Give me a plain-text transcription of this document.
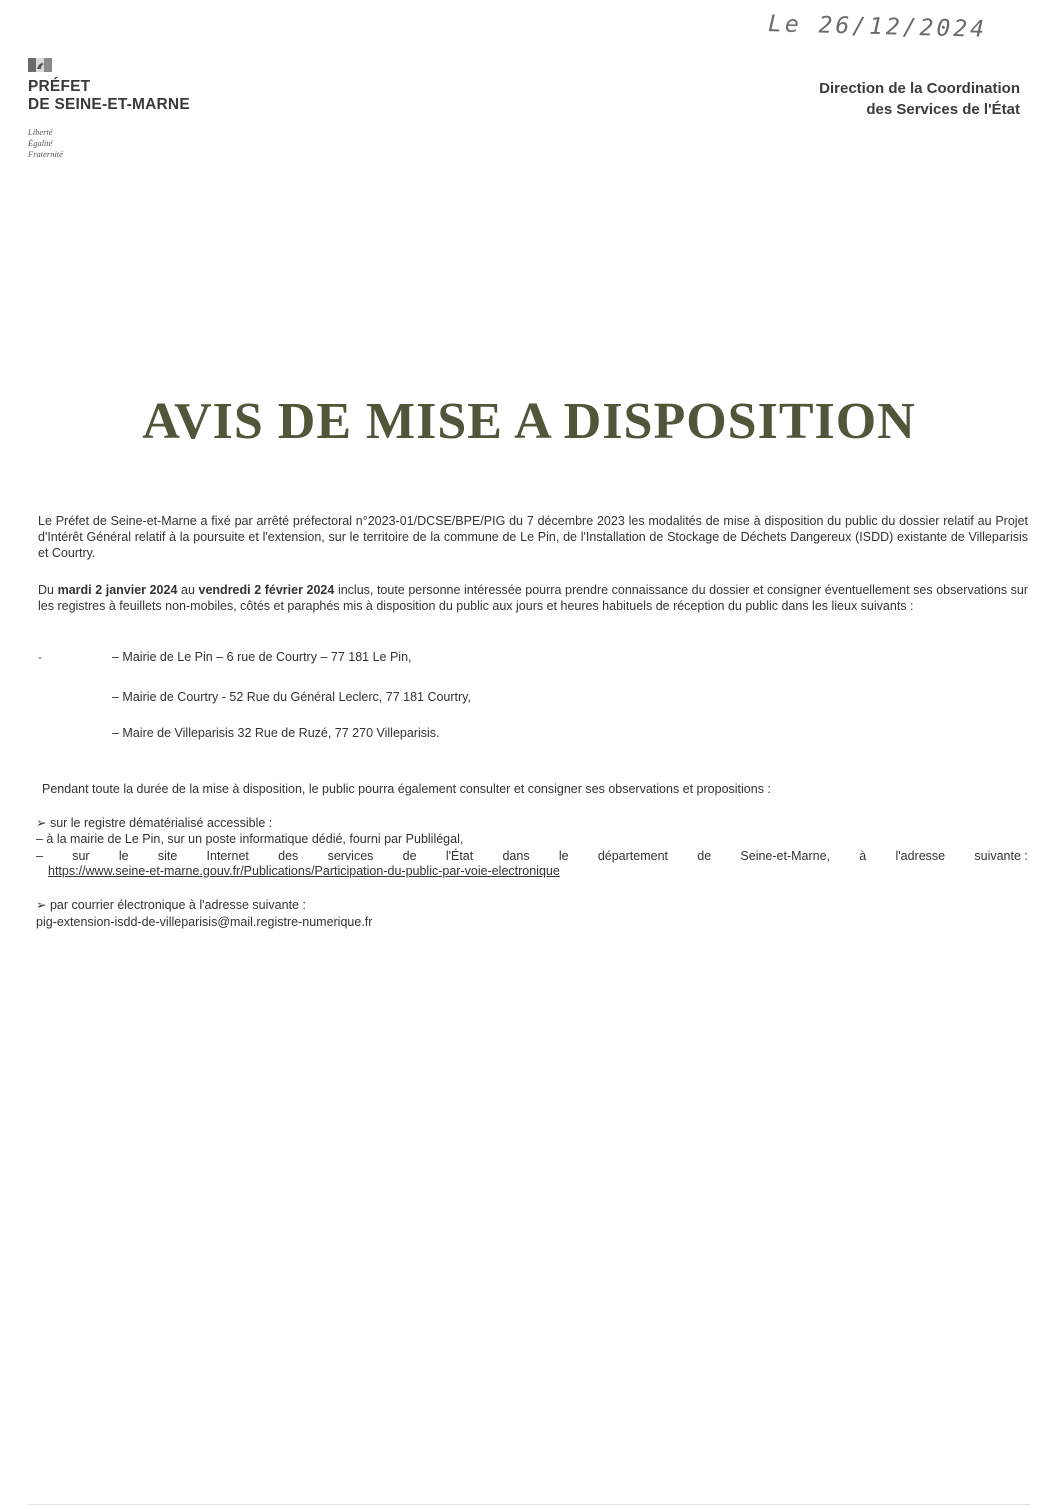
Le 26/12/2024
PRÉFET
DE SEINE-ET-MARNE
Liberté
Égalité
Fraternité
Direction de la Coordination
des Services de l'État
AVIS DE MISE A DISPOSITION
Le Préfet de Seine-et-Marne a fixé par arrêté préfectoral n°2023-01/DCSE/BPE/PIG du 7 décembre 2023 les modalités de mise à disposition du public du dossier relatif au Projet d'Intérêt Général relatif à la poursuite et l'extension, sur le territoire de la commune de Le Pin, de l'Installation de Stockage de Déchets Dangereux (ISDD) existante de Villeparisis et Courtry.
Du mardi 2 janvier 2024 au vendredi 2 février 2024 inclus, toute personne intéressée pourra prendre connaissance du dossier et consigner éventuellement ses observations sur les registres à feuillets non-mobiles, côtés et paraphés mis à disposition du public aux jours et heures habituels de réception du public dans les lieux suivants :
-	– Mairie de Le Pin – 6 rue de Courtry – 77 181 Le Pin,
– Mairie de Courtry - 52 Rue du Général Leclerc, 77 181 Courtry,
– Maire de Villeparisis 32 Rue de Ruzé, 77 270 Villeparisis.
Pendant toute la durée de la mise à disposition, le public pourra également consulter et consigner ses observations et propositions :
➢ sur le registre dématérialisé accessible :
– à la mairie de Le Pin, sur un poste informatique dédié, fourni par Publilégal,
– sur le site Internet des services de l'État dans le département de Seine-et-Marne, à l'adresse suivante :
https://www.seine-et-marne.gouv.fr/Publications/Participation-du-public-par-voie-electronique
➢ par courrier électronique à l'adresse suivante :
pig-extension-isdd-de-villeparisis@mail.registre-numerique.fr
